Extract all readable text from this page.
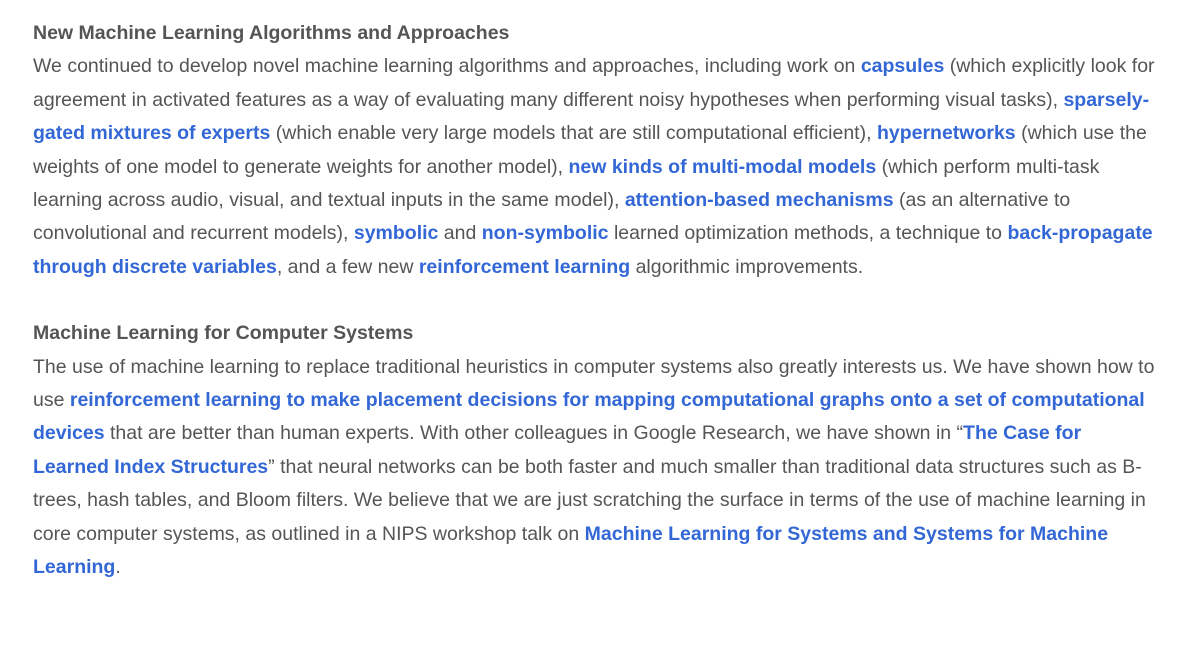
New Machine Learning Algorithms and Approaches

We continued to develop novel machine learning algorithms and approaches, including work on capsules (which explicitly look for agreement in activated features as a way of evaluating many different noisy hypotheses when performing visual tasks), sparsely-gated mixtures of experts (which enable very large models that are still computational efficient), hypernetworks (which use the weights of one model to generate weights for another model), new kinds of multi-modal models (which perform multi-task learning across audio, visual, and textual inputs in the same model), attention-based mechanisms (as an alternative to convolutional and recurrent models), symbolic and non-symbolic learned optimization methods, a technique to back-propagate through discrete variables, and a few new reinforcement learning algorithmic improvements.

Machine Learning for Computer Systems

The use of machine learning to replace traditional heuristics in computer systems also greatly interests us. We have shown how to use reinforcement learning to make placement decisions for mapping computational graphs onto a set of computational devices that are better than human experts. With other colleagues in Google Research, we have shown in “The Case for Learned Index Structures” that neural networks can be both faster and much smaller than traditional data structures such as B-trees, hash tables, and Bloom filters. We believe that we are just scratching the surface in terms of the use of machine learning in core computer systems, as outlined in a NIPS workshop talk on Machine Learning for Systems and Systems for Machine Learning.
